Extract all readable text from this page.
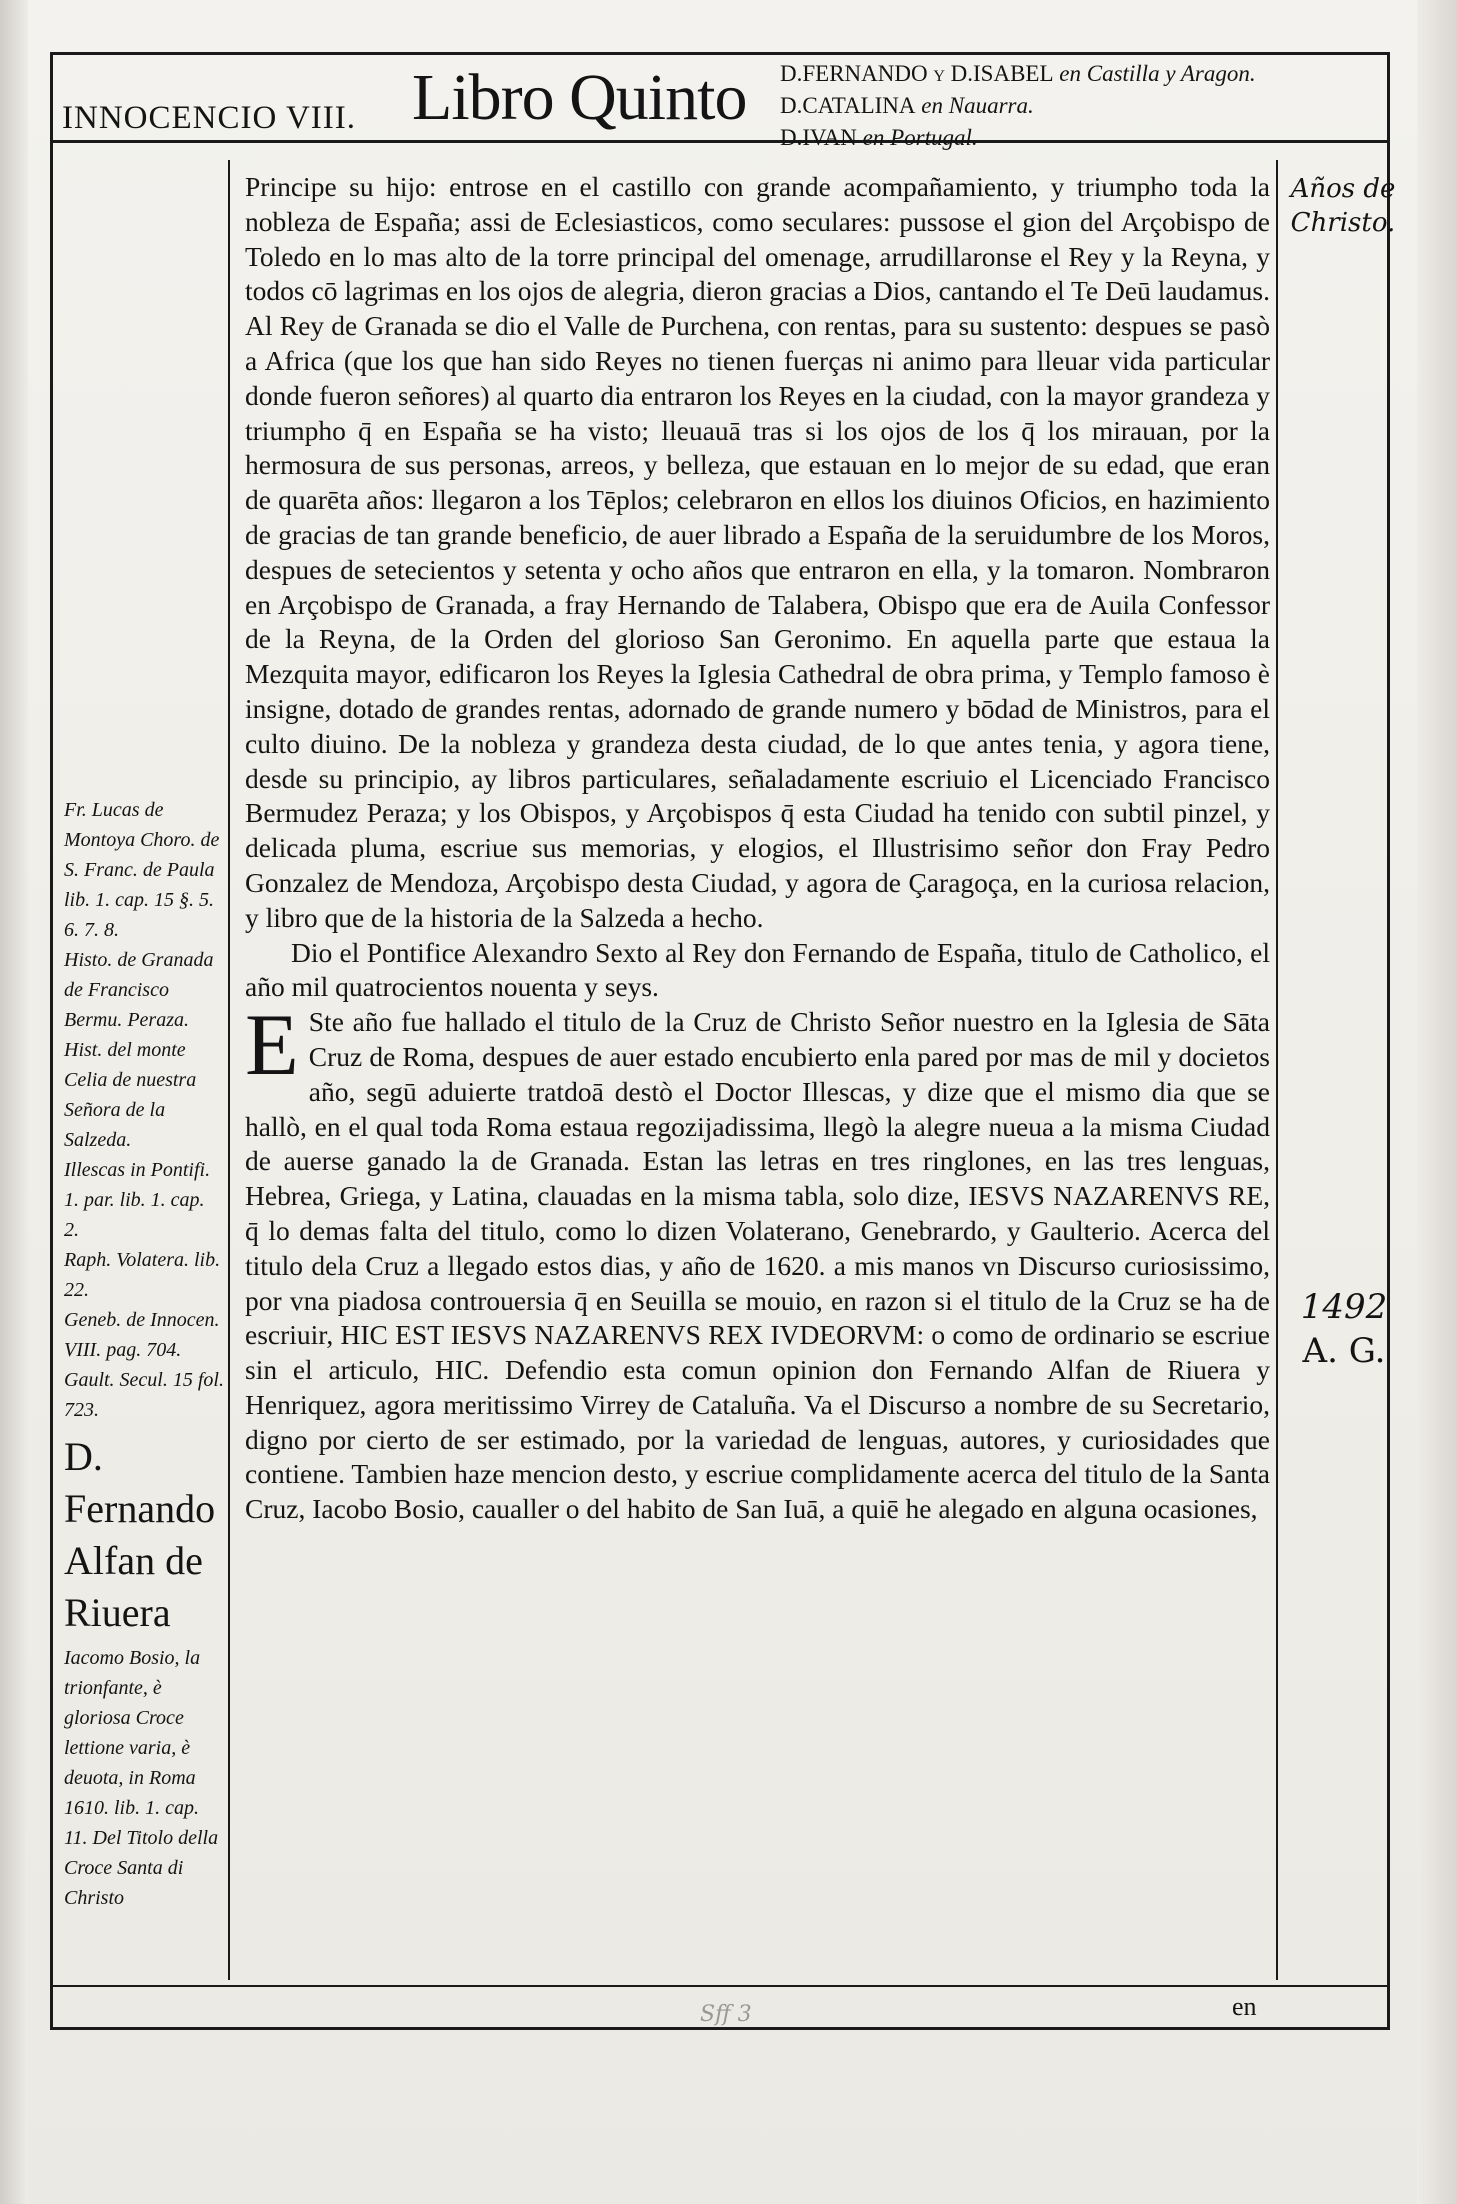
INNOCENCIO VIII. Libro Quinto D.FERNANDO y D.ISABEL en Castilla y Aragon.
D.CATALINA en Nauarra.
D.IVAN en Portugal.
Años de
Christo.
1492
A. G.

Principe su hijo: entrose en el castillo con grande acompañamiento, y triumpho toda la nobleza de España; assi de Eclesiasticos, como seculares: pussose el gion del Arçobispo de Toledo en lo mas alto de la torre principal del omenage, arrudillaronse el Rey y la Reyna, y todos cō lagrimas en los ojos de alegria, dieron gracias a Dios, cantando el Te Deū laudamus. Al Rey de Granada se dio el Valle de Purchena, con rentas, para su sustento: despues se pasò a Africa (que los que han sido Reyes no tienen fuerças ni animo para lleuar vida particular donde fueron señores) al quarto dia entraron los Reyes en la ciudad, con la mayor grandeza y triumpho q̄ en España se ha visto; lleuauā tras si los ojos de los q̄ los mirauan, por la hermosura de sus personas, arreos, y belleza, que estauan en lo mejor de su edad, que eran de quarēta años: llegaron a los Tēplos; celebraron en ellos los diuinos Oficios, en hazimiento de gracias de tan grande beneficio, de auer librado a España de la seruidumbre de los Moros, despues de setecientos y setenta y ocho años que entraron en ella, y la tomaron. Nombraron en Arçobispo de Granada, a fray Hernando de Talabera, Obispo que era de Auila Confessor de la Reyna, de la Orden del glorioso San Geronimo. En aquella parte que estaua la Mezquita mayor, edificaron los Reyes la Iglesia Cathedral de obra prima, y Templo famoso è insigne, dotado de grandes rentas, adornado de grande numero y bōdad de Ministros, para el culto diuino. De la nobleza y grandeza desta ciudad, de lo que antes tenia, y agora tiene, desde su principio, ay libros particulares, señaladamente escriuio el Licenciado Francisco Bermudez Peraza; y los Obispos, y Arçobispos q̄ esta Ciudad ha tenido con subtil pinzel, y delicada pluma, escriue sus memorias, y elogios, el Illustrisimo señor don Fray Pedro Gonzalez de Mendoza, Arçobispo desta Ciudad, y agora de Çaragoça, en la curiosa relacion, y libro que de la historia de la Salzeda a hecho.

Dio el Pontifice Alexandro Sexto al Rey don Fernando de España, titulo de Catholico, el año mil quatrocientos nouenta y seys.

E Ste año fue hallado el titulo de la Cruz de Christo Señor nuestro en la Iglesia de Sāta Cruz de Roma, despues de auer estado encubierto enla pared por mas de mil y docietos año, segū aduierte tratdoā destò el Doctor Illescas, y dize que el mismo dia que se hallò, en el qual toda Roma estaua regozijadissima, llegò la alegre nueua a la misma Ciudad de auerse ganado la de Granada. Estan las letras en tres ringlones, en las tres lenguas, Hebrea, Griega, y Latina, clauadas en la misma tabla, solo dize, IESVS NAZARENVS RE, q̄ lo demas falta del titulo, como lo dizen Volaterano, Genebrardo, y Gaulterio. Acerca del titulo dela Cruz a llegado estos dias, y año de 1620. a mis manos vn Discurso curiosissimo, por vna piadosa controuersia q̄ en Seuilla se mouio, en razon si el titulo de la Cruz se ha de escriuir, HIC EST IESVS NAZARENVS REX IVDEORVM: o como de ordinario se escriue sin el articulo, HIC. Defendio esta comun opinion don Fernando Alfan de Riuera y Henriquez, agora meritissimo Virrey de Cataluña. Va el Discurso a nombre de su Secretario, digno por cierto de ser estimado, por la variedad de lenguas, autores, y curiosidades que contiene. Tambien haze mencion desto, y escriue complidamente acerca del titulo de la Santa Cruz, Iacobo Bosio, caualler o del habito de San Iuā, a quiē he alegado en alguna ocasiones,

Fr. Lucas de Montoya Choro. de S. Franc. de Paula lib. 1. cap. 15 §. 5. 6. 7. 8.

Histo. de Granada de Francisco Bermu. Peraza.

Hist. del monte Celia de nuestra Señora de la Salzeda.

Illescas in Pontifi. 1. par. lib. 1. cap. 2.

Raph. Volatera. lib. 22.

Geneb. de Innocen. VIII. pag. 704.

Gault. Secul. 15 fol. 723.

D. Fernando Alfan de Riuera

Iacomo Bosio, la trionfante, è gloriosa Croce lettione varia, è deuota, in Roma 1610. lib. 1. cap. 11. Del Titolo della Croce Santa di Christo

Sff 3	en
